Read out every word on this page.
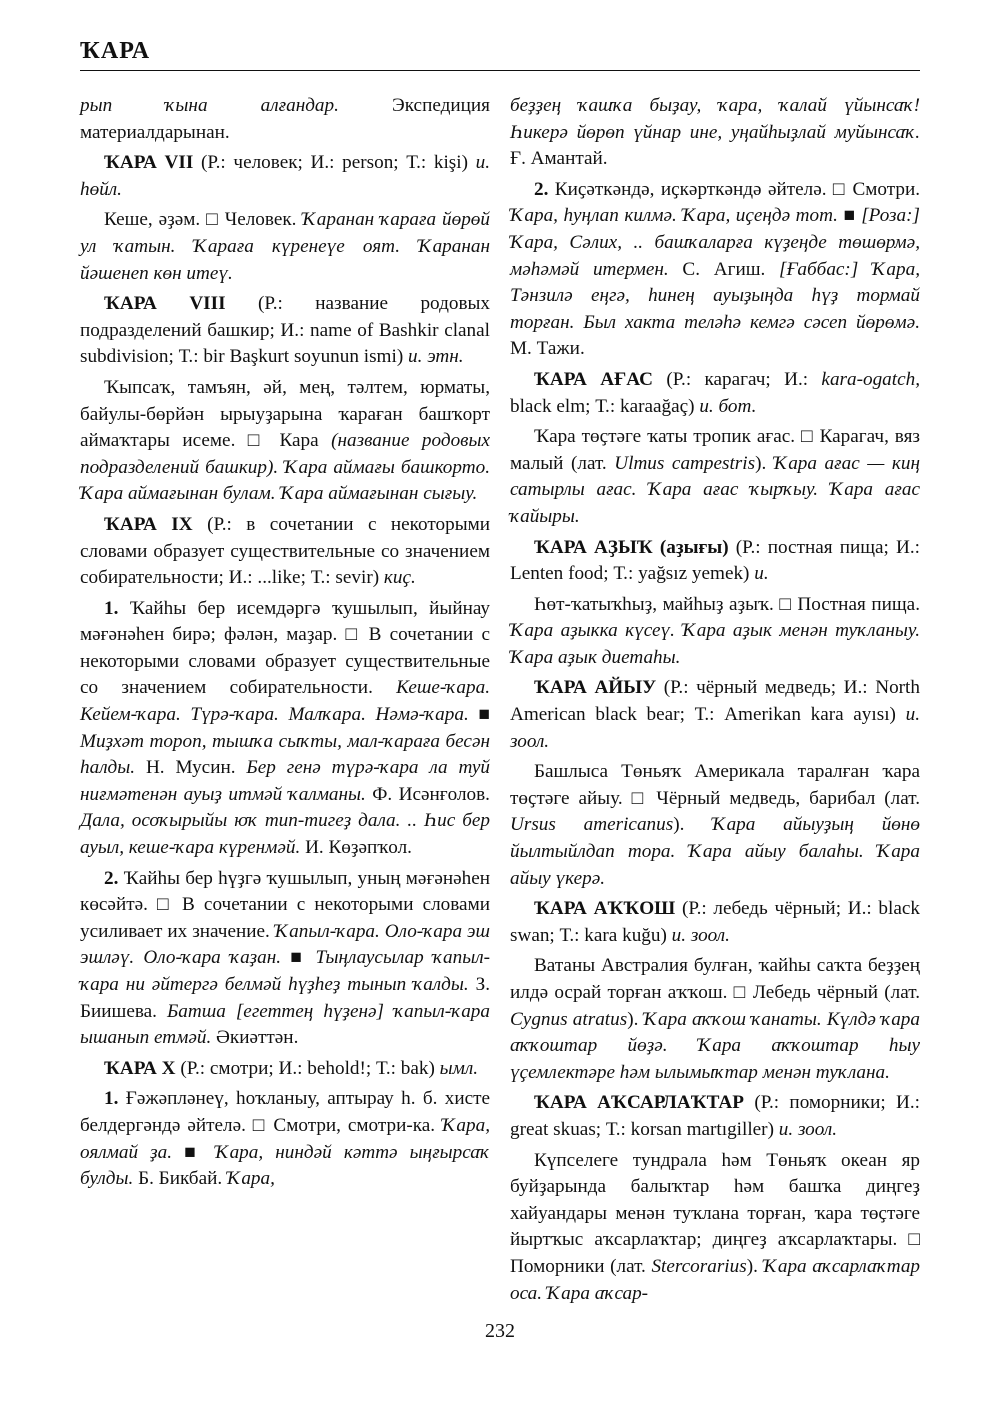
ҠАРА

рып ҡына алғандар. Экспедиция материалдарынан.

ҠАРА VII (Р.: человек; И.: person; Т.: kişi) и. һөйл.

Кеше, әҙәм. □ Человек. Ҡаранан ҡараға йөрөй ул ҡатын. Ҡараға күренеүе оят. Ҡаранан йәшенеп көн итеү.

ҠАРА VIII (Р.: название родовых подразделений башкир; И.: name of Bashkir clanal subdivision; Т.: bir Başkurt soyunun ismi) и. этн.

Ҡыпсаҡ, тамъян, әй, мең, тәлтем, юрматы, байулы-бөрйән ырыуҙарына ҡараған башҡорт аймаҡтары исеме. □ Кара (название родовых подразделений башкир). Ҡара аймағы башкорто. Ҡара аймағынан булам. Ҡара аймағынан сығыу.

ҠАРА IX (Р.: в сочетании с некоторыми словами образует существительные со значением собирательности; И.: ...like; Т.: sevir) киҫ.

1. Ҡайһы бер исемдәргә ҡушылып, йыйнау мәғәнәһен бирә; фәлән, маҙар. □ В сочетании с некоторыми словами образует существительные со значением собирательности. Кеше-ҡара. Кейем-ҡара. Түрә-ҡара. Малҡара. Нәмә-ҡара. ■ Миҙхәт тороп, тышҡа сыҡты, мал-ҡараға бесән һалды. Н. Мусин. Бер генә түрә-ҡара ла туй ниғмәтенән ауыҙ итмәй ҡалманы. Ф. Исәнғолов. Дала, осоҡырыйы юҡ тип-тигеҙ дала. .. Һис бер ауыл, кеше-ҡара күренмәй. И. Көҙәпҡол.

2. Ҡайһы бер һүҙгә ҡушылып, уның мәғәнәһен көсәйтә. □ В сочетании с некоторыми словами усиливает их значение. Ҡапыл-ҡара. Оло-ҡара эш эшләү. Оло-ҡара ҡаҙан. ■ Тыңлаусылар ҡапыл-ҡара ни әйтергә белмәй һүҙһеҙ тынып ҡалды. З. Биишева. Батша [егеттең һүҙенә] ҡапыл-ҡара ышанып етмәй. Әкиәттән.

ҠАРА X (Р.: смотри; И.: behold!; Т.: bak) ымл.

1. Ғәжәпләнеү, һоҡланыу, аптырау һ. б. хисте белдергәндә әйтелә. □ Смотри, смотри-ка. Ҡара, оялмай ҙа. ■ Ҡара, ниндәй кәттә ыңғырсаҡ булды. Б. Бикбай. Ҡара,

беҙҙең ҡашҡа быҙау, ҡара, ҡалай үйынсаҡ! Һикерә йөрөп үйнар ине, уңайһыҙлай муйынсаҡ. Ғ. Амантай.

2. Киҫәткәндә, иҫкәрткәндә әйтелә. □ Смотри. Ҡара, һуңлап килмә. Ҡара, иҫеңдә тот. ■ [Роза:] Ҡара, Сәлих, .. башҡаларға күҙеңде төшөрмә, мәһәмәй итермен. С. Агиш. [Ғаббас:] Ҡара, Тәнзилә еңгә, һинең ауыҙыңда һүҙ тормай торған. Был хакта теләһә кемгә сәсеп йөрөмә. М. Тажи.

ҠАРА АҒАС (Р.: карагач; И.: kara-ogatch, black elm; Т.: karaağaç) и. бот.

Ҡара төҫтәге ҡаты тропик ағас. □ Карагач, вяз малый (лат. Ulmus campestris). Ҡара ағас — киң сатырлы ағас. Ҡара ағас ҡырҡыу. Ҡара ағас ҡайыры.

ҠАРА АҘЫҠ (аҙығы) (Р.: постная пища; И.: Lenten food; Т.: yağsız yemek) и.

Һөт-ҡатыҡһыҙ, майһыҙ аҙыҡ. □ Постная пища. Ҡара аҙыкка күсеү. Ҡара аҙык менән туҡланыу. Ҡара аҙык диетаһы.

ҠАРА АЙЫУ (Р.: чёрный медведь; И.: North American black bear; Т.: Amerikan kara ayısı) и. зоол.

Башлыса Төньяҡ Америкала таралған ҡара төҫтәге айыу. □ Чёрный медведь, барибал (лат. Ursus americanus). Ҡара айыуҙың йөнө йылтыйлдап тора. Ҡара айыу балаһы. Ҡара айыу үкерә.

ҠАРА АҠҠОШ (Р.: лебедь чёрный; И.: black swan; Т.: kara kuğu) и. зоол.

Ватаны Австралия булған, ҡайһы саҡта беҙҙең илдә осрай торған аҡҡош. □ Лебедь чёрный (лат. Cygnus atratus). Ҡара аҡҡош ҡанаты. Күлдә ҡара аҡҡоштар йөҙә. Ҡара аҡҡоштар һыу үҫемлектәре һәм ылымыҡтар менән туҡлана.

ҠАРА АҠСАРЛАҠТАР (Р.: поморники; И.: great skuas; Т.: korsan martıgiller) и. зоол.

Күпселеге тундрала һәм Төньяҡ океан яр буйҙарында балыҡтар һәм башҡа диңгеҙ хайуандары менән туҡлана торған, ҡара төҫтәге йыртҡыс аҡсарлаҡтар; диңгеҙ аҡсарлаҡтары. □ Поморники (лат. Stercorarius). Ҡара аҡсарлаҡтар оса. Ҡара аҡсар-

232
